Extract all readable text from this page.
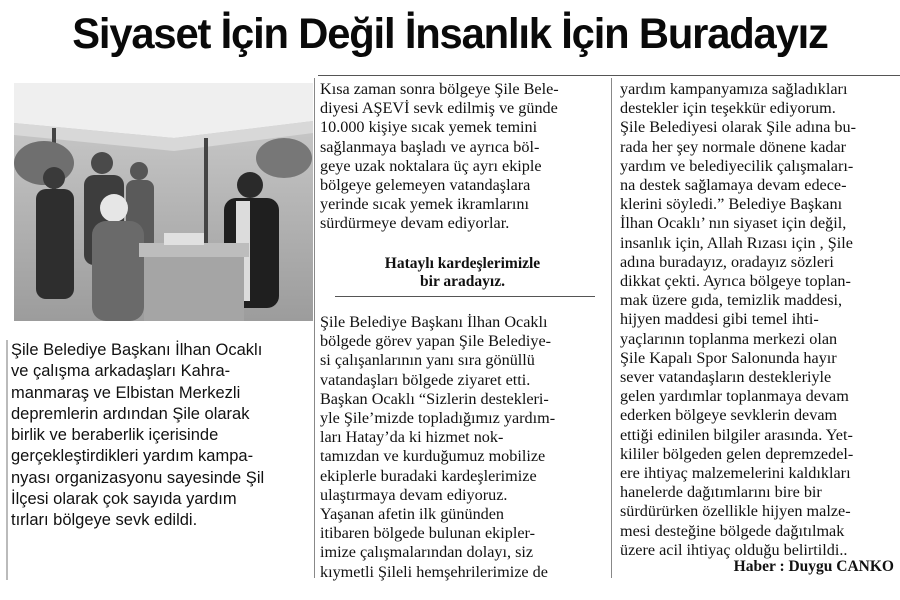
Siyaset İçin Değil İnsanlık İçin Buradayız
Şile Belediye Başkanı İlhan Ocaklı
ve çalışma arkadaşları Kahra-
manmaraş ve Elbistan Merkezli
depremlerin ardından Şile olarak
birlik ve beraberlik içerisinde
gerçekleştirdikleri yardım kampa-
nyası organizasyonu sayesinde Şil
İlçesi olarak çok sayıda yardım
tırları bölgeye sevk edildi.
Kısa zaman sonra bölgeye Şile Bele-
diyesi AŞEVİ sevk edilmiş ve günde
10.000 kişiye sıcak yemek temini
sağlanmaya başladı ve ayrıca böl-
geye uzak noktalara üç ayrı ekiple
bölgeye gelemeyen vatandaşlara
yerinde sıcak yemek ikramlarını
sürdürmeye devam ediyorlar.
Hataylı kardeşlerimizle
bir aradayız.
Şile Belediye Başkanı İlhan Ocaklı
bölgede görev yapan Şile Belediye-
si çalışanlarının yanı sıra gönüllü
vatandaşları bölgede ziyaret etti.
Başkan Ocaklı “Sizlerin destekleri-
yle Şile’mizde topladığımız yardım-
ları Hatay’da ki hizmet nok-
tamızdan ve kurduğumuz mobilize
ekiplerle buradaki kardeşlerimize
ulaştırmaya devam ediyoruz.
Yaşanan afetin ilk gününden
itibaren bölgede bulunan ekipler-
imize çalışmalarından dolayı, siz
kıymetli Şileli hemşehrilerimize de
yardım kampanyamıza sağladıkları
destekler için teşekkür ediyorum.
Şile Belediyesi olarak Şile adına bu-
rada her şey normale dönene kadar
yardım ve belediyecilik çalışmaları-
na destek sağlamaya devam edece-
klerini söyledi.” Belediye Başkanı
İlhan Ocaklı’ nın siyaset için değil,
insanlık için, Allah Rızası için , Şile
adına buradayız, oradayız sözleri
dikkat çekti. Ayrıca bölgeye toplan-
mak üzere gıda, temizlik maddesi,
hijyen maddesi gibi temel ihti-
yaçlarının toplanma merkezi olan
Şile Kapalı Spor Salonunda hayır
sever vatandaşların destekleriyle
gelen yardımlar toplanmaya devam
ederken bölgeye sevklerin devam
ettiği edinilen bilgiler arasında. Yet-
kililer bölgeden gelen depremzedel-
ere ihtiyaç malzemelerini kaldıkları
hanelerde dağıtımlarını bire bir
sürdürürken özellikle hijyen malze-
mesi desteğine bölgede dağıtılmak
üzere acil ihtiyaç olduğu belirtildi..
Haber : Duygu CANKO
